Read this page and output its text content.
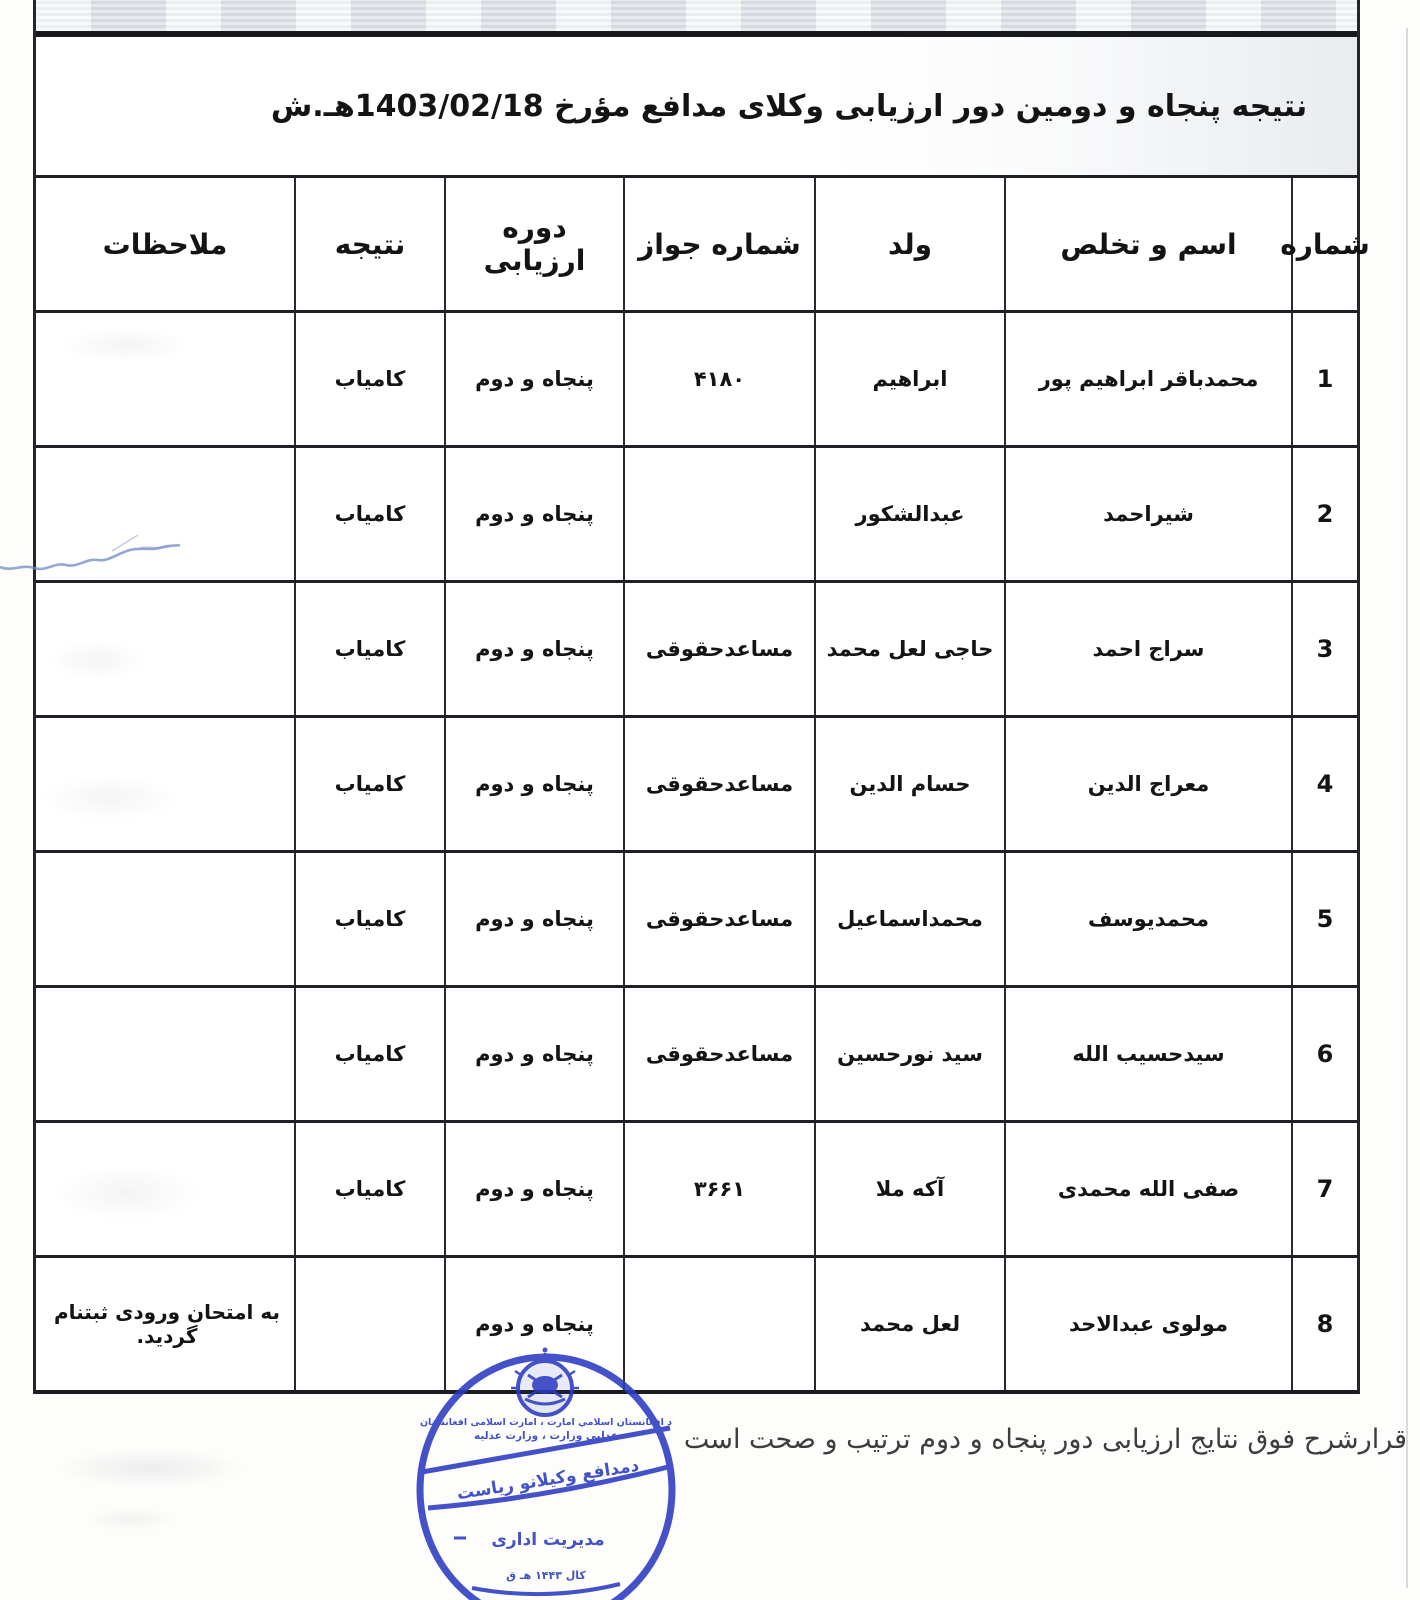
نتيجه پنجاه و دومين دور ارزيابى وكلاى مدافع مؤرخ 1403/02/18هـ.ش
شماره
اسم و تخلص
ولد
شماره جواز
دوره ارزيابى
نتيجه
ملاحظات
1
محمدباقر ابراهيم پور
ابراهيم
۴۱۸۰
پنجاه و دوم
كامياب
2
شيراحمد
عبدالشكور
پنجاه و دوم
كامياب
3
سراج احمد
حاجى لعل محمد
مساعدحقوقى
پنجاه و دوم
كامياب
4
معراج الدين
حسام الدين
مساعدحقوقى
پنجاه و دوم
كامياب
5
محمديوسف
محمداسماعيل
مساعدحقوقى
پنجاه و دوم
كامياب
6
سيدحسيب الله
سيد نورحسين
مساعدحقوقى
پنجاه و دوم
كامياب
7
صفى الله محمدى
آكه ملا
۳۶۶۱
پنجاه و دوم
كامياب
8
مولوى عبدالاحد
لعل محمد
پنجاه و دوم
به امتحان ورودى ثبتنام گرديد.
قرارشرح فوق نتايج ارزيابى دور پنجاه و دوم ترتيب و صحت است
د افغانستان اسلامي امارت ، امارت اسلامی افغانستان
عدلیې وزارت ، وزارت عدلیه
دمدافع وکیلانو ریاست
مدیریت اداری
کال ۱۴۴۳ هـ ق
